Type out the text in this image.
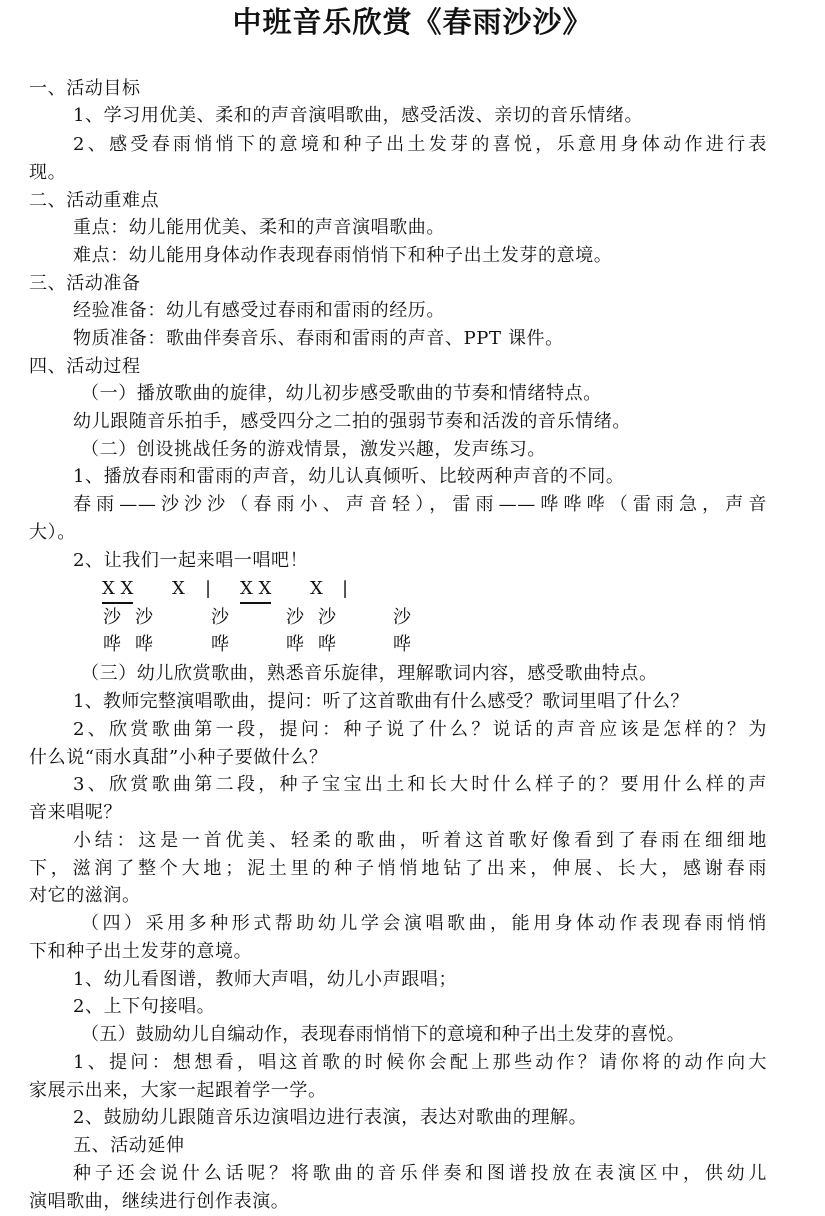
中班音乐欣赏《春雨沙沙》
一、活动目标
1、学习用优美、柔和的声音演唱歌曲，感受活泼、亲切的音乐情绪。
2、感受春雨悄悄下的意境和种子出土发芽的喜悦，乐意用身体动作进行表
现。
二、活动重难点
重点：幼儿能用优美、柔和的声音演唱歌曲。
难点：幼儿能用身体动作表现春雨悄悄下和种子出土发芽的意境。
三、活动准备
经验准备：幼儿有感受过春雨和雷雨的经历。
物质准备：歌曲伴奏音乐、春雨和雷雨的声音、PPT 课件。
四、活动过程
（一）播放歌曲的旋律，幼儿初步感受歌曲的节奏和情绪特点。
幼儿跟随音乐拍手，感受四分之二拍的强弱节奏和活泼的音乐情绪。
（二）创设挑战任务的游戏情景，激发兴趣，发声练习。
1、播放春雨和雷雨的声音，幼儿认真倾听、比较两种声音的不同。
春雨——沙沙沙（春雨小、声音轻），雷雨——哗哗哗（雷雨急，声音
大）。
2、让我们一起来唱一唱吧！
X X X | X X X |
沙 沙	沙	沙 沙	沙
哗 哗	哗	哗 哗	哗
（三）幼儿欣赏歌曲，熟悉音乐旋律，理解歌词内容，感受歌曲特点。
1、教师完整演唱歌曲，提问：听了这首歌曲有什么感受？歌词里唱了什么？
2、欣赏歌曲第一段，提问：种子说了什么？说话的声音应该是怎样的？为
什么说“雨水真甜”小种子要做什么？
3、欣赏歌曲第二段，种子宝宝出土和长大时什么样子的？要用什么样的声
音来唱呢？
小结：这是一首优美、轻柔的歌曲，听着这首歌好像看到了春雨在细细地
下，滋润了整个大地；泥土里的种子悄悄地钻了出来，伸展、长大，感谢春雨
对它的滋润。
（四）采用多种形式帮助幼儿学会演唱歌曲，能用身体动作表现春雨悄悄
下和种子出土发芽的意境。
1、幼儿看图谱，教师大声唱，幼儿小声跟唱；
2、上下句接唱。
（五）鼓励幼儿自编动作，表现春雨悄悄下的意境和种子出土发芽的喜悦。
1、提问：想想看，唱这首歌的时候你会配上那些动作？请你将的动作向大
家展示出来，大家一起跟着学一学。
2、鼓励幼儿跟随音乐边演唱边进行表演，表达对歌曲的理解。
五、活动延伸
种子还会说什么话呢？将歌曲的音乐伴奏和图谱投放在表演区中，供幼儿
演唱歌曲，继续进行创作表演。
